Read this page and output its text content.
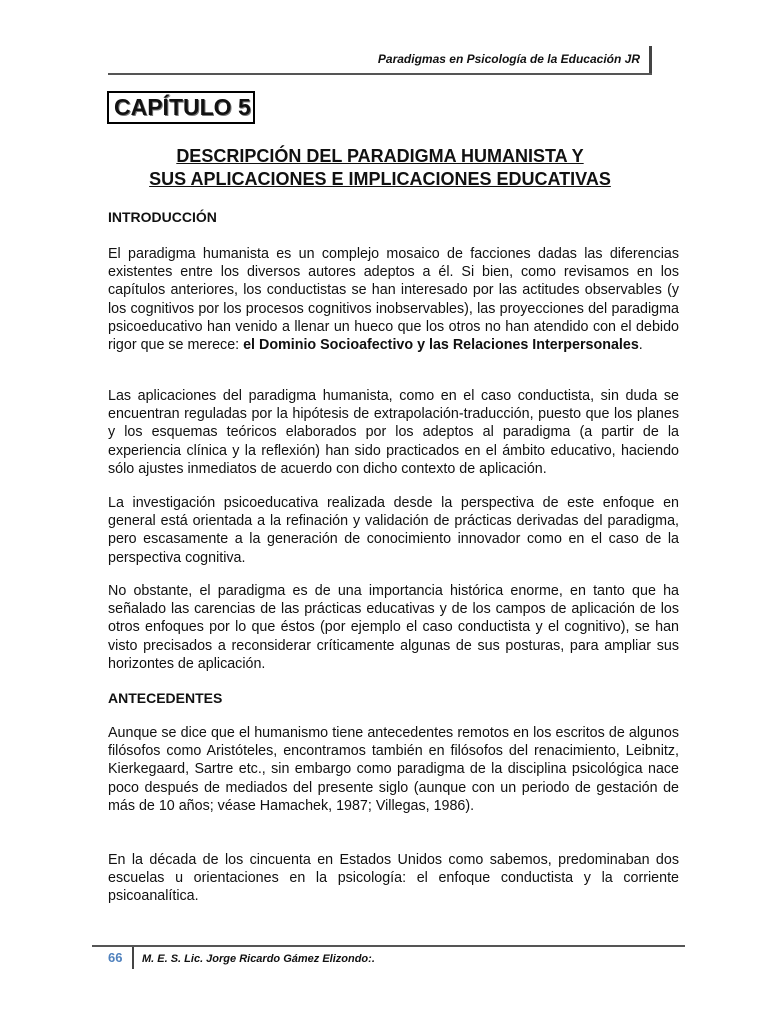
Paradigmas en Psicología de la Educación JR
CAPÍTULO 5
DESCRIPCIÓN DEL PARADIGMA HUMANISTA Y
SUS APLICACIONES E IMPLICACIONES EDUCATIVAS
INTRODUCCIÓN
El paradigma humanista es un complejo mosaico de facciones dadas las diferencias existentes entre los diversos autores adeptos a él. Si bien, como revisamos en los capítulos anteriores, los conductistas se han interesado por las actitudes observables (y los cognitivos por los procesos cognitivos inobservables), las proyecciones del paradigma psicoeducativo han venido a llenar un hueco que los otros no han atendido con el debido rigor que se merece: el Dominio Socioafectivo y las Relaciones Interpersonales.
Las aplicaciones del paradigma humanista, como en el caso conductista, sin duda se encuentran reguladas por la hipótesis de extrapolación-traducción, puesto que los planes y los esquemas teóricos elaborados por los adeptos al paradigma (a partir de la experiencia clínica y la reflexión) han sido practicados en el ámbito educativo, haciendo sólo ajustes inmediatos de acuerdo con dicho contexto de aplicación.
La investigación psicoeducativa realizada desde la perspectiva de este enfoque en general está orientada a la refinación y validación de prácticas derivadas del paradigma, pero escasamente a la generación de conocimiento innovador como en el caso de la perspectiva cognitiva.
No obstante, el paradigma es de una importancia histórica enorme, en tanto que ha señalado las carencias de las prácticas educativas y de los campos de aplicación de los otros enfoques por lo que éstos (por ejemplo el caso conductista y el cognitivo), se han visto precisados a reconsiderar críticamente algunas de sus posturas, para ampliar sus horizontes de aplicación.
ANTECEDENTES
Aunque se dice que el humanismo tiene antecedentes remotos en los escritos de algunos filósofos como Aristóteles, encontramos también en filósofos del renacimiento, Leibnitz, Kierkegaard, Sartre etc., sin embargo como paradigma de la disciplina psicológica nace poco después de mediados del presente siglo (aunque con un periodo de gestación de más de 10 años; véase Hamachek, 1987; Villegas, 1986).
En la década de los cincuenta en Estados Unidos como sabemos, predominaban dos escuelas u orientaciones en la psicología: el enfoque conductista y la corriente psicoanalítica.
66 M. E. S. Lic. Jorge Ricardo Gámez Elizondo:.
